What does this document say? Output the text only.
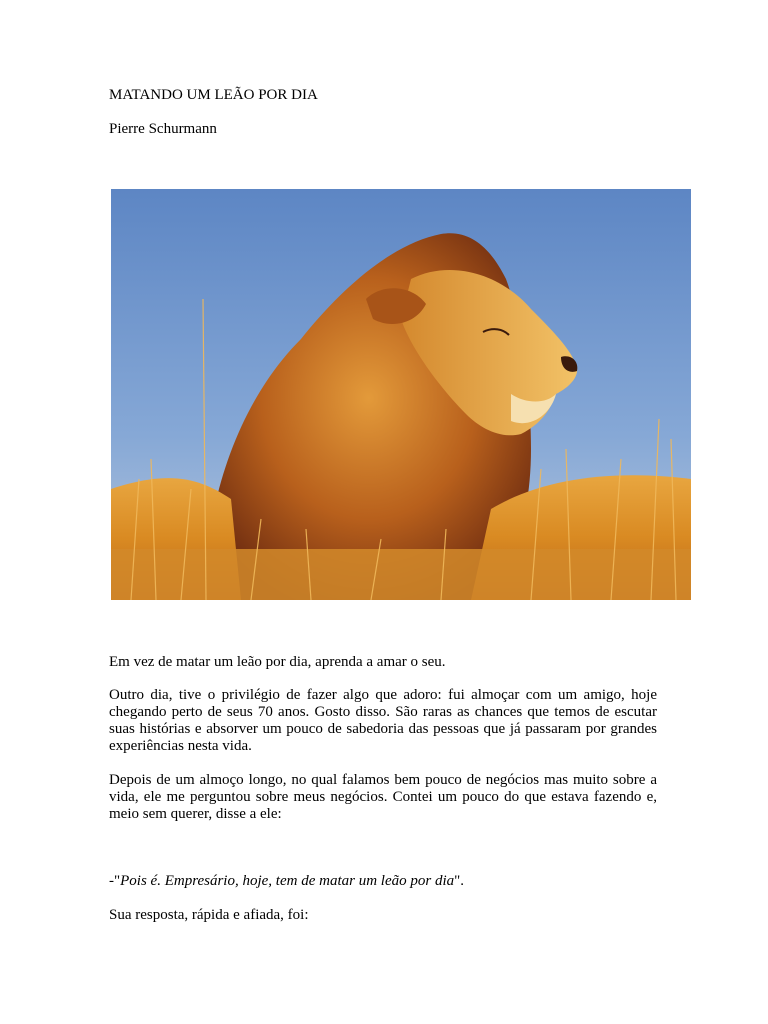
MATANDO UM LEÃO POR DIA
Pierre Schurmann
Em vez de matar um leão por dia, aprenda a amar o seu.
Outro dia, tive o privilégio de fazer algo que adoro: fui almoçar com um amigo, hoje chegando perto de seus 70 anos. Gosto disso. São raras as chances que temos de escutar suas histórias e absorver um pouco de sabedoria das pessoas que já passaram por grandes experiências nesta vida.
Depois de um almoço longo, no qual falamos bem pouco de negócios mas muito sobre a vida, ele me perguntou sobre meus negócios. Contei um pouco do que estava fazendo e, meio sem querer, disse a ele:
-"Pois é. Empresário, hoje, tem de matar um leão por dia".
Sua resposta, rápida e afiada, foi:
